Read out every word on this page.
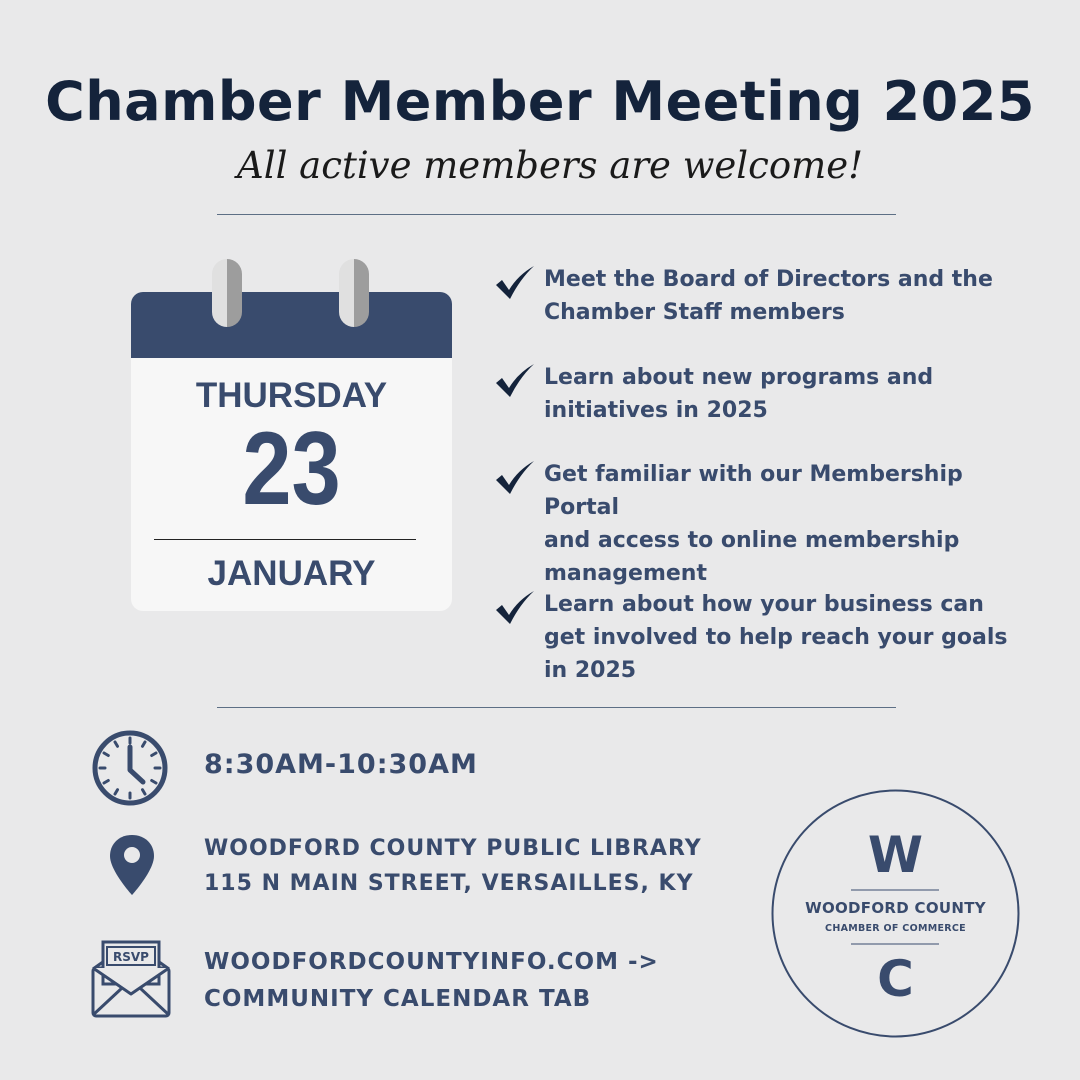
Chamber Member Meeting 2025
All active members are welcome!
THURSDAY
23
JANUARY
Meet the Board of Directors and the
Chamber Staff members
Learn about new programs and
initiatives in 2025
Get familiar with our Membership Portal
and access to online membership
management
Learn about how your business can
get involved to help reach your goals
in 2025
8:30AM-10:30AM
WOODFORD COUNTY PUBLIC LIBRARY
115 N MAIN STREET, VERSAILLES, KY
RSVP WOODFORDCOUNTYINFO.COM ->
COMMUNITY CALENDAR TAB
W
WOODFORD COUNTY
CHAMBER OF COMMERCE
C
